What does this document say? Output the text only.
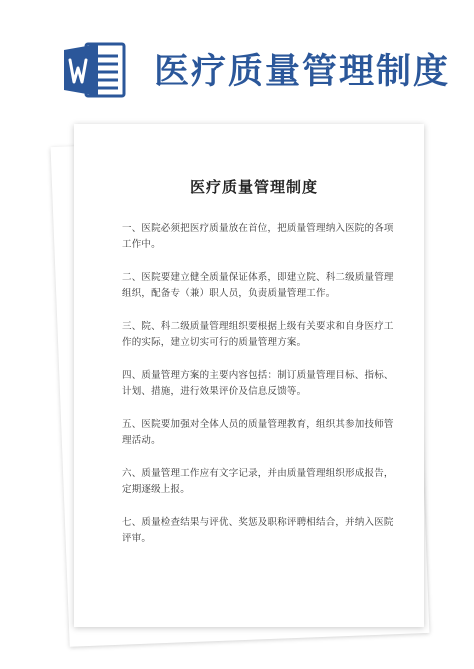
医疗质量管理制度
医疗质量管理制度

一、医院必须把医疗质量放在首位，把质量管理纳入医院的各项工作中。

二、医院要建立健全质量保证体系，即建立院、科二级质量管理组织，配备专（兼）职人员，负责质量管理工作。

三、院、科二级质量管理组织要根据上级有关要求和自身医疗工作的实际，建立切实可行的质量管理方案。

四、质量管理方案的主要内容包括：制订质量管理目标、指标、计划、措施，进行效果评价及信息反馈等。

五、医院要加强对全体人员的质量管理教育，组织其参加技师管理活动。

六、质量管理工作应有文字记录，并由质量管理组织形成报告，定期逐级上报。

七、质量检查结果与评优、奖惩及职称评聘相结合，并纳入医院评审。
